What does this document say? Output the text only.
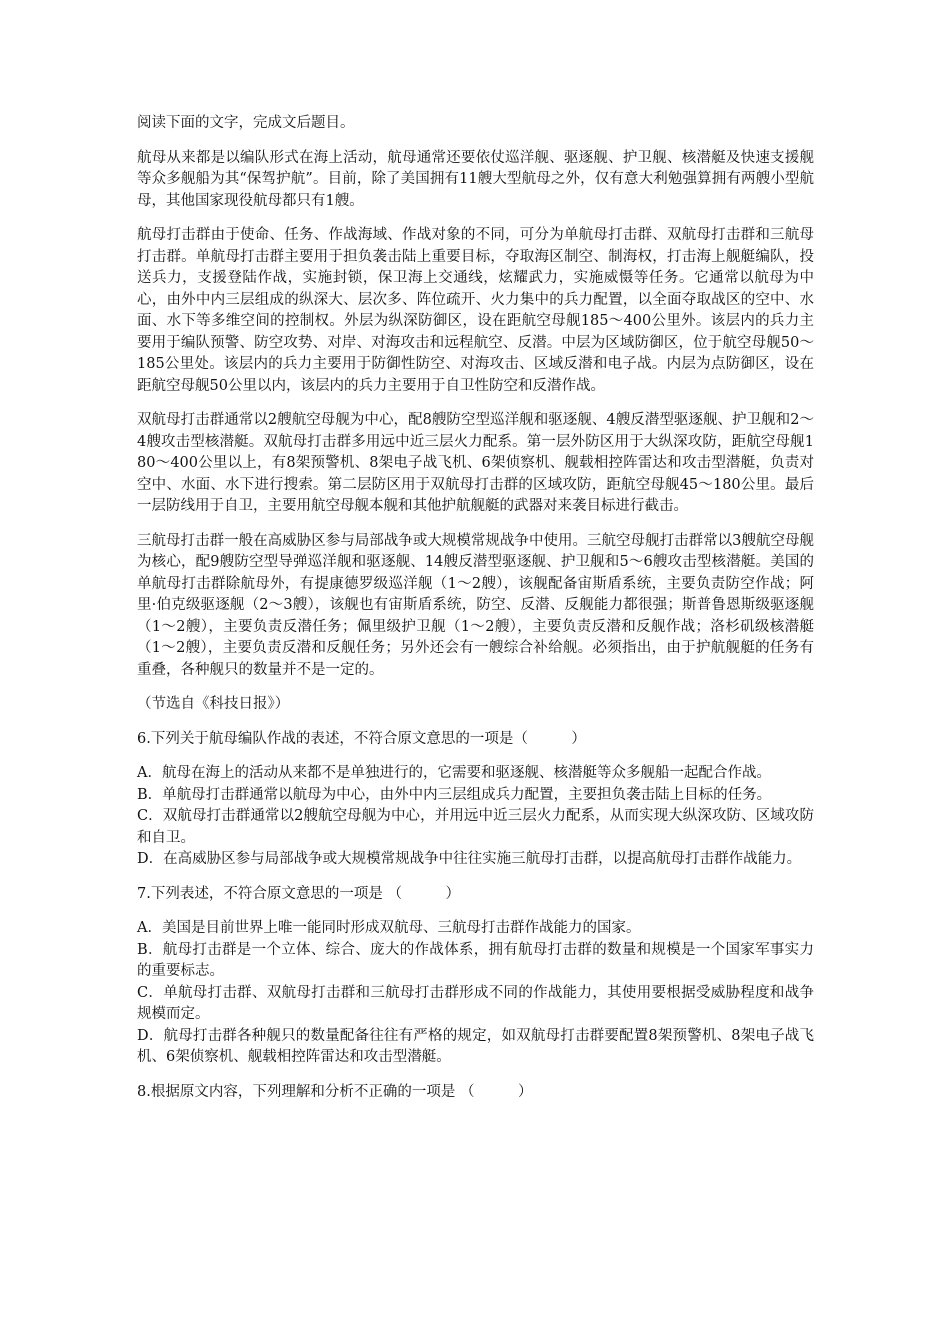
阅读下面的文字，完成文后题目。

航母从来都是以编队形式在海上活动，航母通常还要依仗巡洋舰、驱逐舰、护卫舰、核潜艇及快速支援舰等众多舰船为其“保驾护航”。目前，除了美国拥有11艘大型航母之外，仅有意大利勉强算拥有两艘小型航母，其他国家现役航母都只有1艘。

航母打击群由于使命、任务、作战海域、作战对象的不同，可分为单航母打击群、双航母打击群和三航母打击群。单航母打击群主要用于担负袭击陆上重要目标，夺取海区制空、制海权，打击海上舰艇编队，投送兵力，支援登陆作战，实施封锁，保卫海上交通线，炫耀武力，实施威慑等任务。它通常以航母为中心，由外中内三层组成的纵深大、层次多、阵位疏开、火力集中的兵力配置，以全面夺取战区的空中、水面、水下等多维空间的控制权。外层为纵深防御区，设在距航空母舰185～400公里外。该层内的兵力主要用于编队预警、防空攻势、对岸、对海攻击和远程航空、反潜。中层为区域防御区，位于航空母舰50～185公里处。该层内的兵力主要用于防御性防空、对海攻击、区域反潜和电子战。内层为点防御区，设在距航空母舰50公里以内，该层内的兵力主要用于自卫性防空和反潜作战。

双航母打击群通常以2艘航空母舰为中心，配8艘防空型巡洋舰和驱逐舰、4艘反潜型驱逐舰、护卫舰和2～4艘攻击型核潜艇。双航母打击群多用远中近三层火力配系。第一层外防区用于大纵深攻防，距航空母舰180～400公里以上，有8架预警机、8架电子战飞机、6架侦察机、舰载相控阵雷达和攻击型潜艇，负责对空中、水面、水下进行搜索。第二层防区用于双航母打击群的区域攻防，距航空母舰45～180公里。最后一层防线用于自卫，主要用航空母舰本舰和其他护航舰艇的武器对来袭目标进行截击。

三航母打击群一般在高威胁区参与局部战争或大规模常规战争中使用。三航空母舰打击群常以3艘航空母舰为核心，配9艘防空型导弹巡洋舰和驱逐舰、14艘反潜型驱逐舰、护卫舰和5～6艘攻击型核潜艇。美国的单航母打击群除航母外，有提康德罗级巡洋舰（1～2艘），该舰配备宙斯盾系统，主要负责防空作战；阿里·伯克级驱逐舰（2～3艘），该舰也有宙斯盾系统，防空、反潜、反舰能力都很强；斯普鲁恩斯级驱逐舰（1～2艘），主要负责反潜任务；佩里级护卫舰（1～2艘），主要负责反潜和反舰作战；洛杉矶级核潜艇（1～2艘），主要负责反潜和反舰任务；另外还会有一艘综合补给舰。必须指出，由于护航舰艇的任务有重叠，各种舰只的数量并不是一定的。

（节选自《科技日报》）

6.下列关于航母编队作战的表述，不符合原文意思的一项是（　　　）

A．航母在海上的活动从来都不是单独进行的，它需要和驱逐舰、核潜艇等众多舰船一起配合作战。

B．单航母打击群通常以航母为中心，由外中内三层组成兵力配置，主要担负袭击陆上目标的任务。

C．双航母打击群通常以2艘航空母舰为中心，并用远中近三层火力配系，从而实现大纵深攻防、区域攻防和自卫。

D．在高威胁区参与局部战争或大规模常规战争中往往实施三航母打击群，以提高航母打击群作战能力。

7.下列表述，不符合原文意思的一项是 （　　　）

A．美国是目前世界上唯一能同时形成双航母、三航母打击群作战能力的国家。

B．航母打击群是一个立体、综合、庞大的作战体系，拥有航母打击群的数量和规模是一个国家军事实力的重要标志。

C．单航母打击群、双航母打击群和三航母打击群形成不同的作战能力，其使用要根据受威胁程度和战争规模而定。

D．航母打击群各种舰只的数量配备往往有严格的规定，如双航母打击群要配置8架预警机、8架电子战飞机、6架侦察机、舰载相控阵雷达和攻击型潜艇。

8.根据原文内容，下列理解和分析不正确的一项是 （　　　）
